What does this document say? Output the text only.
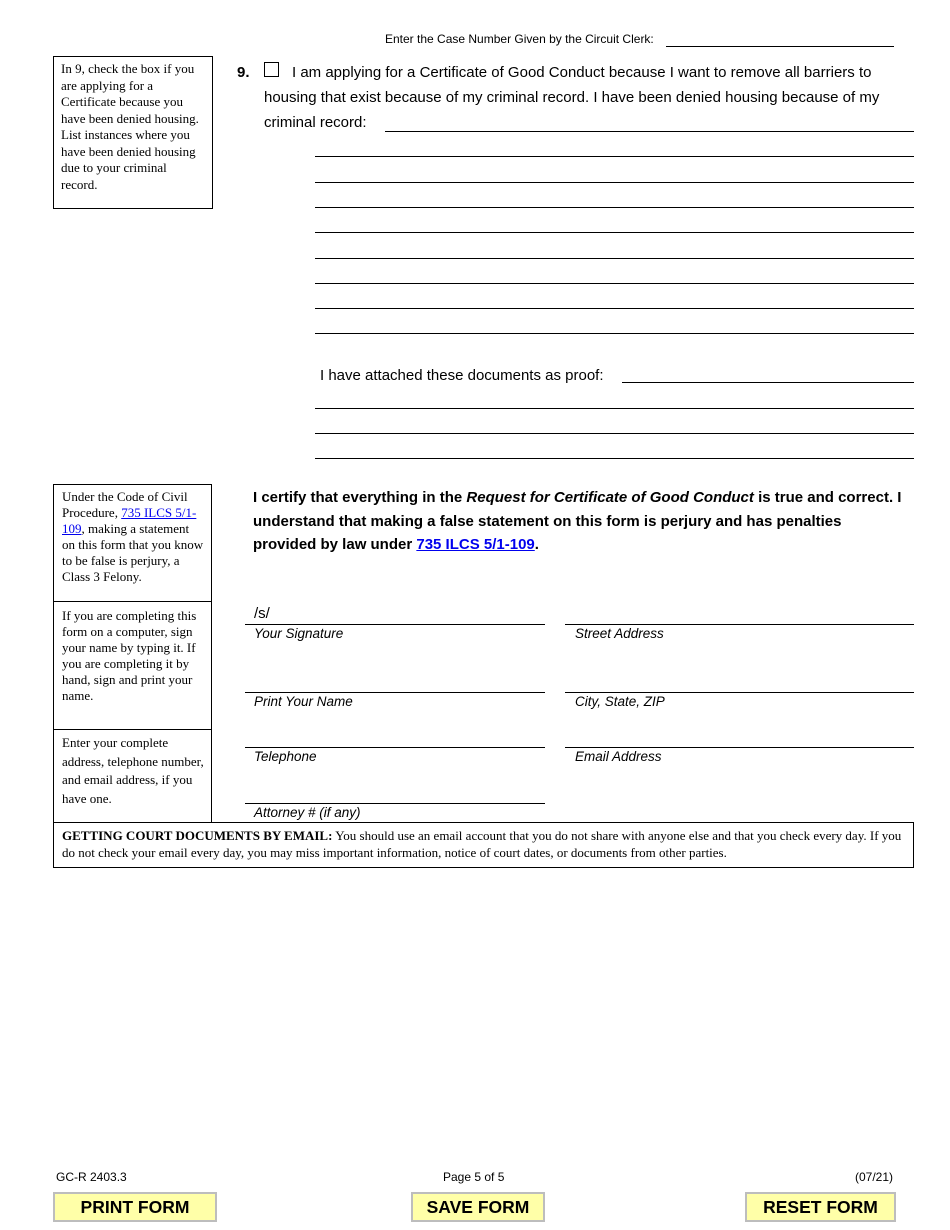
Enter the Case Number Given by the Circuit Clerk:
In 9, check the box if you are applying for a Certificate because you have been denied housing. List instances where you have been denied housing due to your criminal record.
Under the Code of Civil Procedure, 735 ILCS 5/1-109, making a statement on this form that you know to be false is perjury, a Class 3 Felony.
If you are completing this form on a computer, sign your name by typing it. If you are completing it by hand, sign and print your name.
Enter your complete address, telephone number, and email address, if you have one.
9.	I am applying for a Certificate of Good Conduct because I want to remove all barriers to housing that exist because of my criminal record. I have been denied housing because of my criminal record:
I have attached these documents as proof:
I certify that everything in the Request for Certificate of Good Conduct is true and correct. I understand that making a false statement on this form is perjury and has penalties provided by law under 735 ILCS 5/1-109.
/s/
Your Signature	Street Address
Print Your Name	City, State, ZIP
Telephone	Email Address
Attorney # (if any)
GETTING COURT DOCUMENTS BY EMAIL: You should use an email account that you do not share with anyone else and that you check every day. If you do not check your email every day, you may miss important information, notice of court dates, or documents from other parties.
GC-R 2403.3	Page 5 of 5	(07/21)
PRINT FORM	SAVE FORM	RESET FORM
